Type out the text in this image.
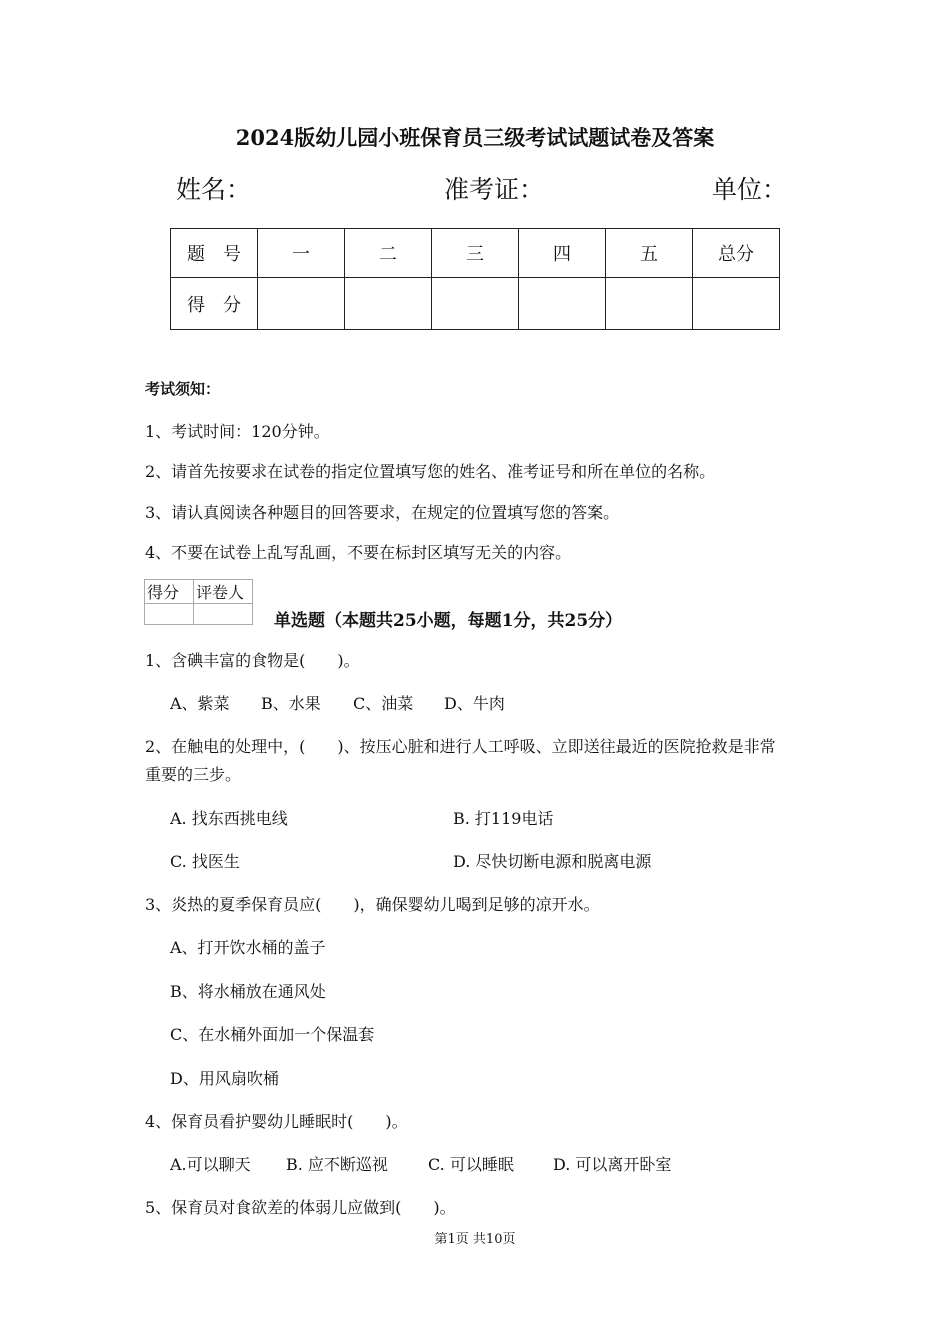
2024版幼儿园小班保育员三级考试试题试卷及答案
姓名：	准考证：	单位：
题　号	一	二	三	四	五	总分
得　分						
考试须知：
1、考试时间：120分钟。
2、请首先按要求在试卷的指定位置填写您的姓名、准考证号和所在单位的名称。
3、请认真阅读各种题目的回答要求，在规定的位置填写您的答案。
4、不要在试卷上乱写乱画，不要在标封区填写无关的内容。
得分	评卷人

单选题（本题共25小题，每题1分，共25分）
1、含碘丰富的食物是(　　)。
A、紫菜 B、水果 C、油菜 D、牛肉
2、在触电的处理中，(　　)、按压心脏和进行人工呼吸、立即送往最近的医院抢救是非常
重要的三步。
A. 找东西挑电线	B. 打119电话
C. 找医生	D. 尽快切断电源和脱离电源
3、炎热的夏季保育员应(　　)，确保婴幼儿喝到足够的凉开水。
A、打开饮水桶的盖子
B、将水桶放在通风处
C、在水桶外面加一个保温套
D、用风扇吹桶
4、保育员看护婴幼儿睡眠时(　　)。
A.可以聊天 B. 应不断巡视	C. 可以睡眠 D. 可以离开卧室
5、保育员对食欲差的体弱儿应做到(　　)。
第1页 共10页
